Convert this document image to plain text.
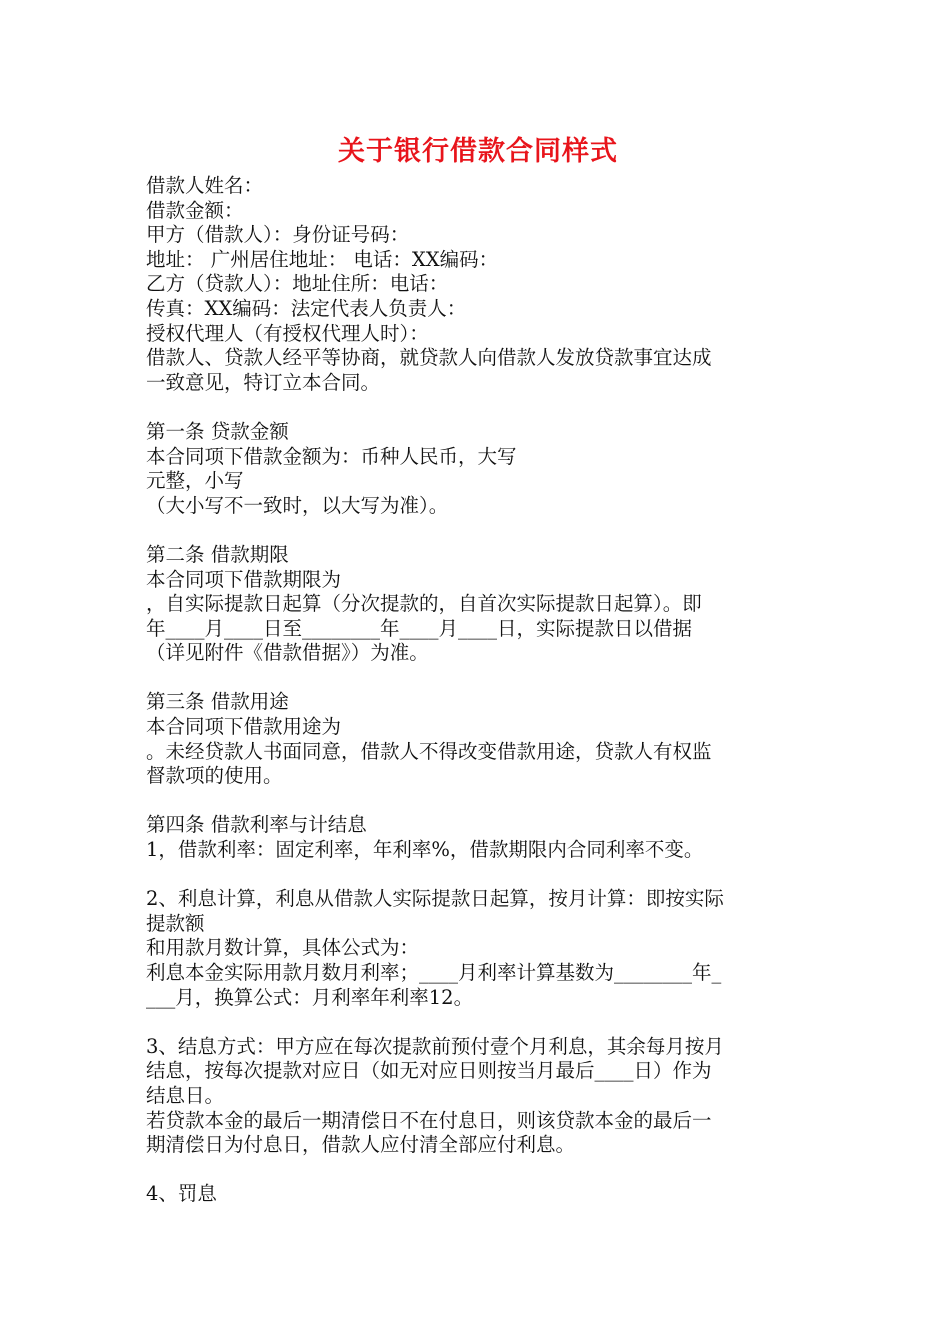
关于银行借款合同样式
借款人姓名：
借款金额：
甲方（借款人）：身份证号码：
地址： 广州居住地址： 电话：XX编码：
乙方（贷款人）：地址住所：电话：
传真：XX编码：法定代表人负责人：
授权代理人（有授权代理人时）：
借款人、贷款人经平等协商，就贷款人向借款人发放贷款事宜达成
一致意见，特订立本合同。
第一条 贷款金额
本合同项下借款金额为：币种人民币，大写
元整，小写
（大小写不一致时，以大写为准）。
第二条 借款期限
本合同项下借款期限为
，自实际提款日起算（分次提款的，自首次实际提款日起算）。即
年____月____日至________年____月____日，实际提款日以借据
（详见附件《借款借据》）为准。
第三条 借款用途
本合同项下借款用途为
。未经贷款人书面同意，借款人不得改变借款用途，贷款人有权监
督款项的使用。
第四条 借款利率与计结息
1，借款利率：固定利率，年利率%，借款期限内合同利率不变。
2、利息计算，利息从借款人实际提款日起算，按月计算：即按实际
提款额
和用款月数计算，具体公式为：
利息本金实际用款月数月利率；____月利率计算基数为________年_
___月，换算公式：月利率年利率12。
3、结息方式：甲方应在每次提款前预付壹个月利息，其余每月按月
结息，按每次提款对应日（如无对应日则按当月最后____日）作为
结息日。
若贷款本金的最后一期清偿日不在付息日，则该贷款本金的最后一
期清偿日为付息日，借款人应付清全部应付利息。
4、罚息
